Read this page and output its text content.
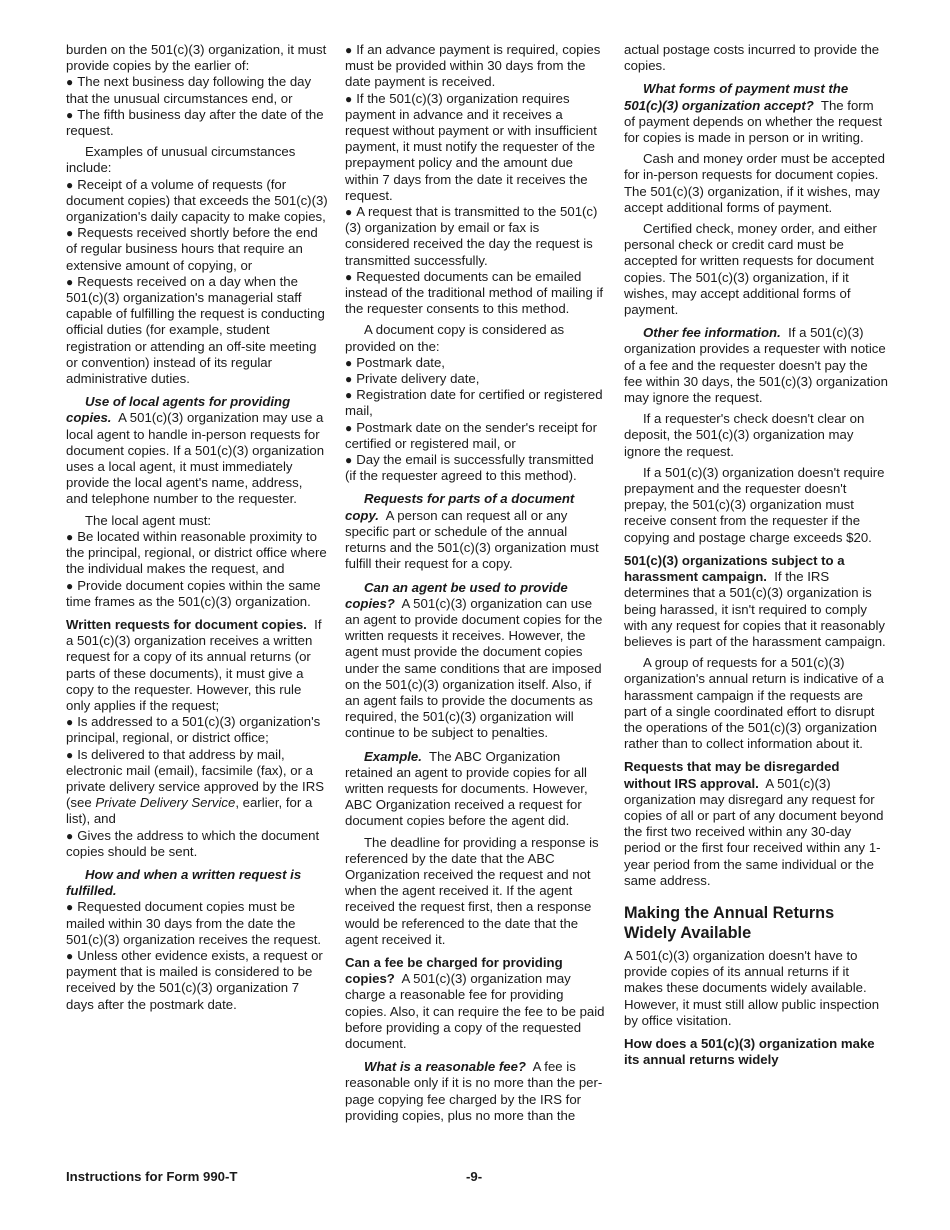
burden on the 501(c)(3) organization, it must provide copies by the earlier of:

● The next business day following the day that the unusual circumstances end, or

● The fifth business day after the date of the request.

Examples of unusual circumstances include:

● Receipt of a volume of requests (for document copies) that exceeds the 501(c)(3) organization's daily capacity to make copies,

● Requests received shortly before the end of regular business hours that require an extensive amount of copying, or

● Requests received on a day when the 501(c)(3) organization's managerial staff capable of fulfilling the request is conducting official duties (for example, student registration or attending an off-site meeting or convention) instead of its regular administrative duties.

Use of local agents for providing copies. A 501(c)(3) organization may use a local agent to handle in-person requests for document copies. If a 501(c)(3) organization uses a local agent, it must immediately provide the local agent's name, address, and telephone number to the requester.

The local agent must:

● Be located within reasonable proximity to the principal, regional, or district office where the individual makes the request, and

● Provide document copies within the same time frames as the 501(c)(3) organization.

Written requests for document copies. If a 501(c)(3) organization receives a written request for a copy of its annual returns (or parts of these documents), it must give a copy to the requester. However, this rule only applies if the request;

● Is addressed to a 501(c)(3) organization's principal, regional, or district office;

● Is delivered to that address by mail, electronic mail (email), facsimile (fax), or a private delivery service approved by the IRS (see Private Delivery Service, earlier, for a list), and

● Gives the address to which the document copies should be sent.

How and when a written request is fulfilled.

● Requested document copies must be mailed within 30 days from the date the 501(c)(3) organization receives the request.

● Unless other evidence exists, a request or payment that is mailed is considered to be received by the 501(c)(3) organization 7 days after the postmark date.

● If an advance payment is required, copies must be provided within 30 days from the date payment is received.

● If the 501(c)(3) organization requires payment in advance and it receives a request without payment or with insufficient payment, it must notify the requester of the prepayment policy and the amount due within 7 days from the date it receives the request.

● A request that is transmitted to the 501(c)(3) organization by email or fax is considered received the day the request is transmitted successfully.

● Requested documents can be emailed instead of the traditional method of mailing if the requester consents to this method.

A document copy is considered as provided on the:

● Postmark date,

● Private delivery date,

● Registration date for certified or registered mail,

● Postmark date on the sender's receipt for certified or registered mail, or

● Day the email is successfully transmitted (if the requester agreed to this method).

Requests for parts of a document copy. A person can request all or any specific part or schedule of the annual returns and the 501(c)(3) organization must fulfill their request for a copy.

Can an agent be used to provide copies? A 501(c)(3) organization can use an agent to provide document copies for the written requests it receives. However, the agent must provide the document copies under the same conditions that are imposed on the 501(c)(3) organization itself. Also, if an agent fails to provide the documents as required, the 501(c)(3) organization will continue to be subject to penalties.

Example. The ABC Organization retained an agent to provide copies for all written requests for documents. However, ABC Organization received a request for document copies before the agent did.

The deadline for providing a response is referenced by the date that the ABC Organization received the request and not when the agent received it. If the agent received the request first, then a response would be referenced to the date that the agent received it.

Can a fee be charged for providing copies? A 501(c)(3) organization may charge a reasonable fee for providing copies. Also, it can require the fee to be paid before providing a copy of the requested document.

What is a reasonable fee? A fee is reasonable only if it is no more than the per-page copying fee charged by the IRS for providing copies, plus no more than the

actual postage costs incurred to provide the copies.

What forms of payment must the 501(c)(3) organization accept? The form of payment depends on whether the request for copies is made in person or in writing.

Cash and money order must be accepted for in-person requests for document copies. The 501(c)(3) organization, if it wishes, may accept additional forms of payment.

Certified check, money order, and either personal check or credit card must be accepted for written requests for document copies. The 501(c)(3) organization, if it wishes, may accept additional forms of payment.

Other fee information. If a 501(c)(3) organization provides a requester with notice of a fee and the requester doesn't pay the fee within 30 days, the 501(c)(3) organization may ignore the request.

If a requester's check doesn't clear on deposit, the 501(c)(3) organization may ignore the request.

If a 501(c)(3) organization doesn't require prepayment and the requester doesn't prepay, the 501(c)(3) organization must receive consent from the requester if the copying and postage charge exceeds $20.

501(c)(3) organizations subject to a harassment campaign. If the IRS determines that a 501(c)(3) organization is being harassed, it isn't required to comply with any request for copies that it reasonably believes is part of the harassment campaign.

A group of requests for a 501(c)(3) organization's annual return is indicative of a harassment campaign if the requests are part of a single coordinated effort to disrupt the operations of the 501(c)(3) organization rather than to collect information about it.

Requests that may be disregarded without IRS approval. A 501(c)(3) organization may disregard any request for copies of all or part of any document beyond the first two received within any 30-day period or the first four received within any 1-year period from the same individual or the same address.

Making the Annual Returns Widely Available

A 501(c)(3) organization doesn't have to provide copies of its annual returns if it makes these documents widely available. However, it must still allow public inspection by office visitation.

How does a 501(c)(3) organization make its annual returns widely

Instructions for Form 990-T	-9-
